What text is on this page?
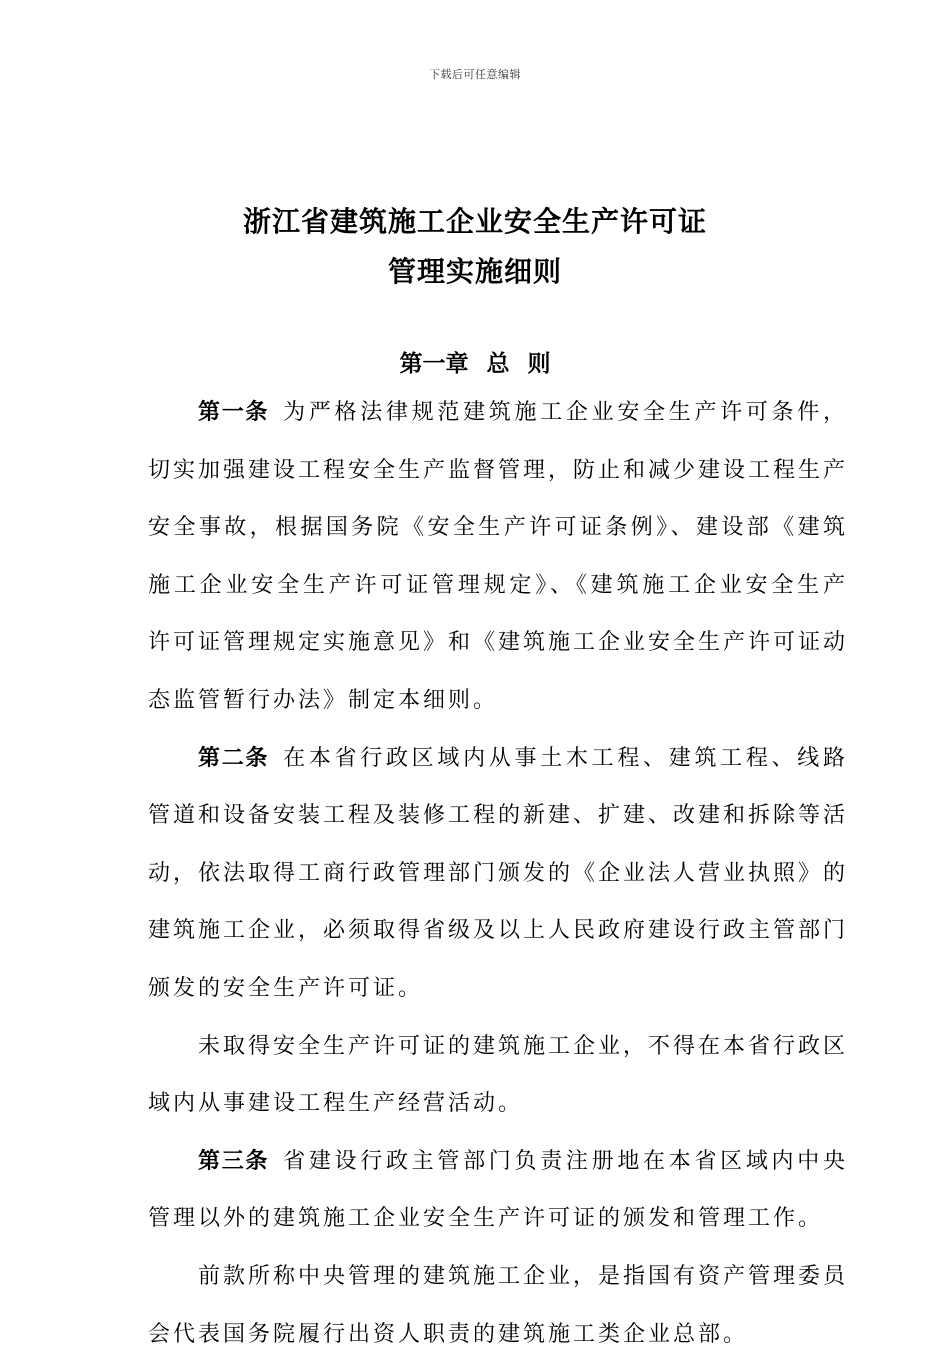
下载后可任意编辑
浙江省建筑施工企业安全生产许可证
管理实施细则
第一章 总 则

第一条 为严格法律规范建筑施工企业安全生产许可条件，切实加强建设工程安全生产监督管理，防止和减少建设工程生产安全事故，根据国务院《安全生产许可证条例》、建设部《建筑施工企业安全生产许可证管理规定》、《建筑施工企业安全生产许可证管理规定实施意见》和《建筑施工企业安全生产许可证动态监管暂行办法》制定本细则。

第二条 在本省行政区域内从事土木工程、建筑工程、线路管道和设备安装工程及装修工程的新建、扩建、改建和拆除等活动，依法取得工商行政管理部门颁发的《企业法人营业执照》的建筑施工企业，必须取得省级及以上人民政府建设行政主管部门颁发的安全生产许可证。

未取得安全生产许可证的建筑施工企业，不得在本省行政区域内从事建设工程生产经营活动。

第三条 省建设行政主管部门负责注册地在本省区域内中央管理以外的建筑施工企业安全生产许可证的颁发和管理工作。

前款所称中央管理的建筑施工企业，是指国有资产管理委员会代表国务院履行出资人职责的建筑施工类企业总部。
